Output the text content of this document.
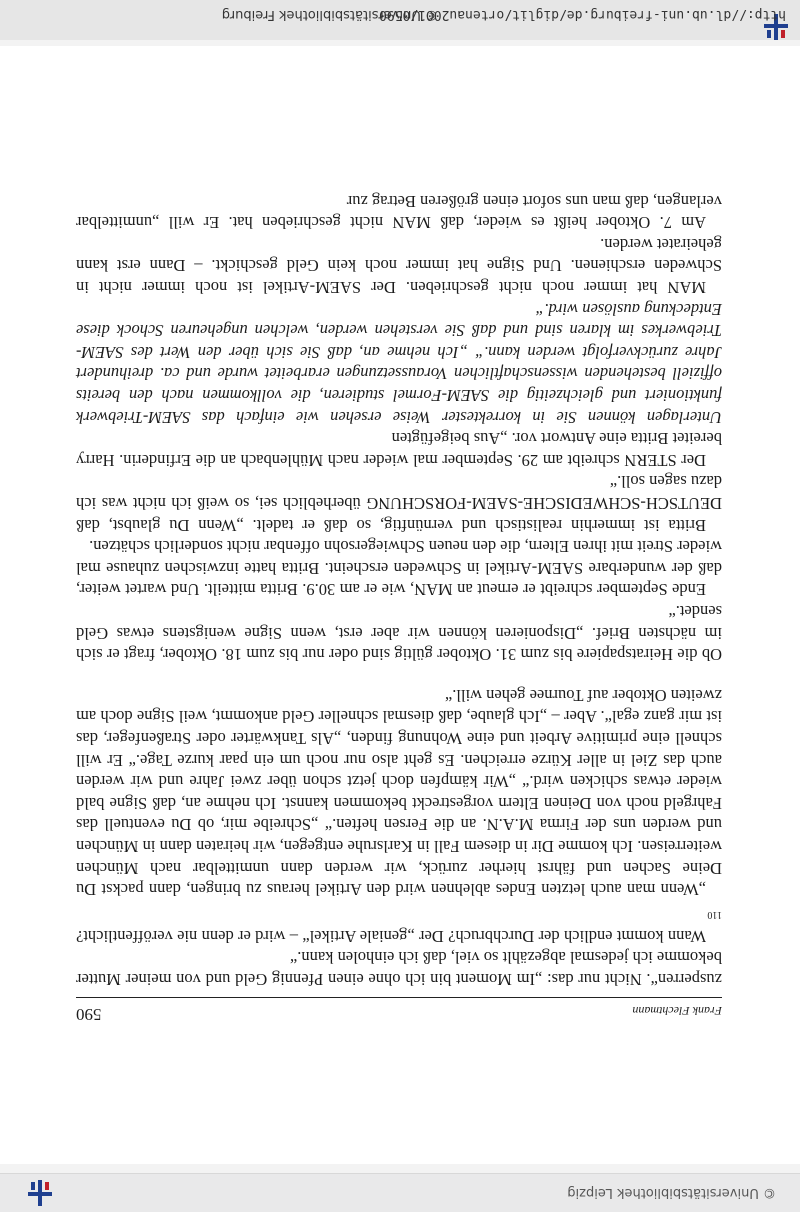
© Universitätsbibliothek Leipzig
Frank Flechtmann
590

zusperren“. Nicht nur das: „Im Moment bin ich ohne einen Pfennig Geld und von meiner Mutter bekomme ich jedesmal abgezählt so viel, daß ich einholen kann.“

Wann kommt endlich der Durchbruch? Der „geniale Artikel“ – wird er denn nie veröffentlicht?$^{110}$

„Wenn man auch letzten Endes ablehnen wird den Artikel heraus zu bringen, dann packst Du Deine Sachen und fährst hierher zurück, wir werden dann unmittelbar nach München weiterreisen. Ich komme Dir in diesem Fall in Karlsruhe entgegen, wir heiraten dann in München und werden uns der Firma M.A.N. an die Fersen heften.“ „Schreibe mir, ob Du eventuell das Fahrgeld noch von Deinen Eltern vorgestreckt bekommen kannst. Ich nehme an, daß Signe bald wieder etwas schicken wird.“ „Wir kämpfen doch jetzt schon über zwei Jahre und wir werden auch das Ziel in aller Kürze erreichen. Es geht also nur noch um ein paar kurze Tage.“ Er will schnell eine primitive Arbeit und eine Wohnung finden, „Als Tankwärter oder Straßenfeger, das ist mir ganz egal“. Aber – „Ich glaube, daß diesmal schneller Geld ankommt, weil Signe doch am zweiten Oktober auf Tournee gehen will.“

Ob die Heiratspapiere bis zum 31. Oktober gültig sind oder nur bis zum 18. Oktober, fragt er sich im nächsten Brief. „Disponieren können wir aber erst, wenn Signe wenigstens etwas Geld sendet.“

Ende September schreibt er erneut an MAN, wie er am 30.9. Britta mitteilt. Und wartet weiter, daß der wunderbare SAEM-Artikel in Schweden erscheint. Britta hatte inzwischen zuhause mal wieder Streit mit ihren Eltern, die den neuen Schwiegersohn offenbar nicht sonderlich schätzen.

Britta ist immerhin realistisch und vernünftig, so daß er tadelt. „Wenn Du glaubst, daß DEUTSCH-SCHWEDISCHE-SAEM-FORSCHUNG überheblich sei, so weiß ich nicht was ich dazu sagen soll.“

Der STERN schreibt am 29. September mal wieder nach Mühlenbach an die Erfinderin. Harry bereitet Britta eine Antwort vor. „Aus beigefügten

Unterlagen können Sie in korrektester Weise ersehen wie einfach das SAEM-Triebwerk funktioniert und gleichzeitig die SAEM-Formel studieren, die vollkommen nach den bereits offiziell bestehenden wissenschaftlichen Voraussetzungen erarbeitet wurde und ca. dreihundert Jahre zurückverfolgt werden kann.“ „Ich nehme an, daß Sie sich über den Wert des SAEM-Triebwerkes im klaren sind und daß Sie verstehen werden, welchen ungeheuren Schock diese Entdeckung auslösen wird.“

MAN hat immer noch nicht geschrieben. Der SAEM-Artikel ist noch immer nicht in Schweden erschienen. Und Signe hat immer noch kein Geld geschickt. – Dann erst kann geheiratet werden.

Am 7. Oktober heißt es wieder, daß MAN nicht geschrieben hat. Er will „unmittelbar verlangen, daß man uns sofort einen größeren Betrag zur

http://dl.ub.uni-freiburg.de/diglit/ortenau2001/0590
© Universitätsbibliothek Freiburg
